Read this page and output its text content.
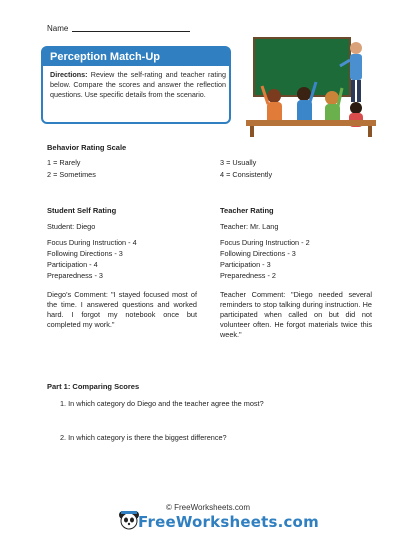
Name
Perception Match-Up
Directions: Review the self-rating and teacher rating below. Compare the scores and answer the reflection questions. Use specific details from the scenario.
Behavior Rating Scale
1 = Rarely
2 = Sometimes
3 = Usually
4 = Consistently
Student Self Rating
Student: Diego
Focus During Instruction - 4
Following Directions - 3
Participation - 4
Preparedness - 3
Diego's Comment: "I stayed focused most of the time. I answered questions and worked hard. I forgot my notebook once but completed my work."
Teacher Rating
Teacher: Mr. Lang
Focus During Instruction - 2
Following Directions - 3
Participation - 3
Preparedness - 2
Teacher Comment: "Diego needed several reminders to stop talking during instruction. He participated when called on but did not volunteer often. He forgot materials twice this week."
Part 1: Comparing Scores
1. In which category do Diego and the teacher agree the most?
2. In which category is there the biggest difference?
© FreeWorksheets.com
FreeWorksheets.com
